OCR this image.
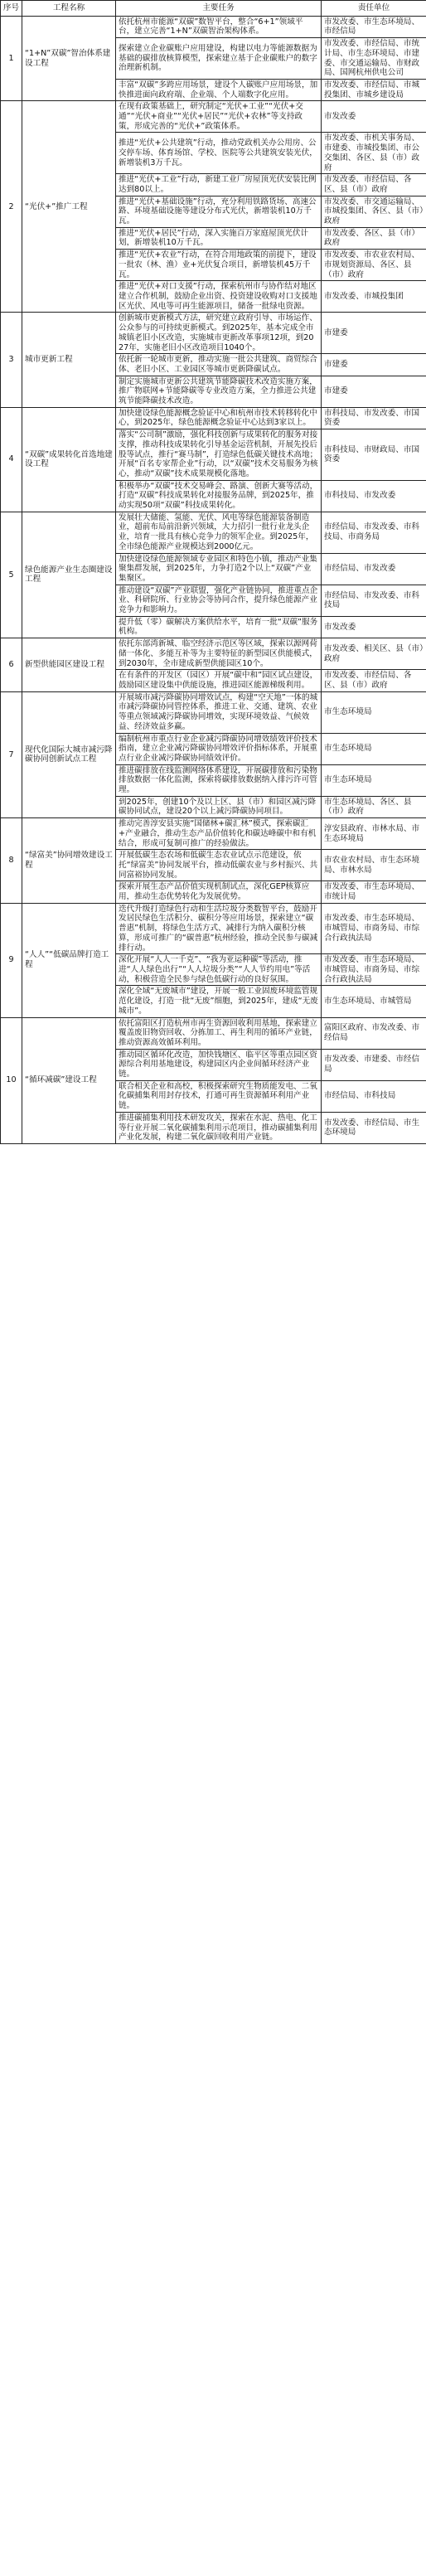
序号	工程名称	主要任务	责任单位
1	“1+N”双碳”智治体系建设工程	依托杭州市能源“双碳”数智平台，整合“6+1”领域平台，建立完善“1+N”双碳智治架构体系。	市发改委、市生态环境局、市经信局
		探索建立企业碳账户应用建设，构建以电力等能源数据为基础的碳排放核算模型，探索建立基于企业碳账户的数字治理新机制。	市发改委、市经信局、市统计局、市生态环境局、市建委、市交通运输局、市财政局、国网杭州供电公司
		丰富“双碳”多跨应用场景，建设个人碳账户应用场景，加快推进面向政府端、企业端、个人端数字化应用。	市发改委、市经信局、市城投集团、市城乡建设局
2	“光伏+”推广工程	在现有政策基础上，研究制定“光伏+工业”“光伏+交通”“光伏+商业”“光伏+居民”“光伏+农林”等支持政策，形成完善的“光伏+”政策体系。	市发改委
		推进“光伏+公共建筑”行动，推动党政机关办公用房、公交停车场、体育场馆、学校、医院等公共建筑安装光伏，新增装机3万千瓦。	市发改委、市机关事务局、市建委、市城投集团、市公交集团、各区、县（市）政府
		推进“光伏+工业”行动，新建工业厂房屋顶光伏安装比例达到80以上。	市发改委、市经信局、各区、县（市）政府
		推进“光伏+基础设施”行动，充分利用铁路货场、高速公路、环境基础设施等建设分布式光伏，新增装机10万千瓦。	市发改委、市交通运输局、市城投集团、各区、县（市）政府
		推进“光伏+居民”行动，深入实施百万家庭屋顶光伏计划，新增装机10万千瓦。	市发改委、各区、县（市）政府
		推进“光伏+农业”行动，在符合用地政策的前提下，建设一批农（林、渔）业+光伏复合项目，新增装机45万千瓦。	市发改委、市农业农村局、市规划资源局、各区、县（市）政府
		推进“光伏+对口支援”行动，探索杭州市与协作结对地区建立合作机制，鼓励企业出资、投资建设收购对口支援地区光伏、风电等可再生能源项目，储备一批绿电资源。	市发改委、市城投集团
3	城市更新工程	创新城市更新模式方法，研究建立政府引导、市场运作、公众参与的可持续更新模式。到2025年，基本完成全市城镇老旧小区改造，实施城市更新改革事项12项，到2027年，实施老旧小区改造项目1040个。	市建委
		依托新一轮城市更新，推动实施一批公共建筑、商贸综合体、老旧小区、工业园区等城市更新降碳试点。	市建委
		制定实施城市更新公共建筑节能降碳技术改造实施方案，推广物联网+节能降碳等专业改造方案，全力推进公共建筑节能降碳技术改造。	市建委
4	“双碳”成果转化首选地建设工程	加快建设绿色能源概念验证中心和杭州市技术转移转化中心，到2025年，绿色能源概念验证中心达到3家以上。	市科技局、市发改委、市国资委
		落实“公司制”激励，强化科技创新与成果转化的服务对接支撑，推动科技成果转化引导基金运营机制，开展先投后股等试点，推行“赛马制”，打造绿色低碳关键技术高地；开展“百名专家帮企业”行动，以“双碳”技术交易服务为核心，推动“双碳”技术成果规模化落地。	市科技局、市财政局、市国资委
		积极举办“双碳”技术交易峰会、路演、创新大赛等活动，打造“双碳”科技成果转化对接服务品牌，到2025年，推动实现50项“双碳”科技成果转化。	市科技局、市发改委
5	绿色能源产业生态圈建设工程	发展壮大储能、氢能、光伏、风电等绿色能源装备制造业，超前布局前沿新兴领域，大力招引一批行业龙头企业，培育一批具有核心竞争力的领军企业。到2025年，全市绿色能源产业规模达到2000亿元。	市经信局、市发改委、市科技局、市商务局
		加快建设绿色能源领域专业园区和特色小镇，推动产业集聚集群发展，到2025年，力争打造2个以上“双碳”产业集聚区。	市经信局、市发改委
		推动建设“双碳”产业联盟，强化产业链协同，推进重点企业、科研院所、行业协会等协同合作，提升绿色能源产业竞争力和影响力。	市经信局、市发改委、市科技局
		提升低（零）碳解决方案供给水平，培育一批“双碳”服务机构。	市发改委
6	新型供能园区建设工程	依托东部湾新城、临空经济示范区等区域，探索以源网荷储一体化、多能互补等为主要特征的新型园区供能模式，到2030年，全市建成新型供能园区10个。	市发改委、相关区、县（市）政府
		在有条件的开发区（园区）开展“碳中和”园区试点建设，鼓励园区建设集中供能设施，推进园区能源梯级利用。	市发改委、市经信局、各区、县（市）政府
7	现代化国际大城市减污降碳协同创新试点工程	开展城市减污降碳协同增效试点，构建“空天地”一体的城市减污降碳协同管控体系，推进工业、交通、建筑、农业等重点领域减污降碳协同增效，实现环境效益、气候效益、经济效益多赢。	市生态环境局
		编制杭州市重点行业企业减污降碳协同增效绩效评价技术指南，建立企业减污降碳协同增效评价指标体系，开展重点行业企业减污降碳协同绩效评价。	市生态环境局
		推进碳排放在线监测网络体系建设，开展碳排放和污染物排放数据一体化监测，探索将碳排放数据纳入排污许可管理。	市生态环境局
		到2025年，创建10个及以上区、县（市）和园区减污降碳协同试点，建设20个以上减污降碳协同项目。	市生态环境局、各区、县（市）政府
8	“绿富美”协同增效建设工程	推动完善淳安县实施“国储林+碳汇林”模式，探索碳汇+产业融合，推动生态产品价值转化和碳达峰碳中和有机结合，形成可复制可推广的经验做法。	淳安县政府、市林水局、市生态环境局
		开展低碳生态农场和低碳生态农业试点示范建设，依托“绿富美”协同发展平台，推动低碳农业与乡村振兴、共同富裕协同发展。	市农业农村局、市生态环境局、市林水局
		探索开展生态产品价值实现机制试点，深化GEP核算应用，推动生态优势转化为发展优势。	市发改委、市生态环境局、市统计局
9	“人人”“低碳品牌打造工程	迭代升级打造绿色行动和生活垃圾分类数智平台，鼓励开发居民绿色生活积分、碳积分等应用场景，探索建立“碳普惠”机制，将绿色生活方式、减排行为纳入碳积分核算，形成可推广的“碳普惠”杭州经验，推动全民参与碳减排行动。	市发改委、市生态环境局、市城管局、市商务局、市综合行政执法局
		深化开展“人人一千克”、“我为亚运种碳”等活动，推进“人人绿色出行”“人人垃圾分类”“人人节约用电”等活动，积极营造全民参与绿色低碳行动的良好氛围。	市发改委、市生态环境局、市城管局、市商务局、市综合行政执法局
		深化全域“无废城市”建设，开展一般工业固废环境监管规范化建设，打造一批“无废”细胞，到2025年，建成“无废城市”。	市生态环境局、市城管局
10	“循环减碳”建设工程	依托富阳区打造杭州市再生资源回收利用基地，探索建立覆盖废旧物资回收、分拣加工、再生利用的循环产业链，推动资源高效循环利用。	富阳区政府、市发改委、市经信局
		推动园区循环化改造，加快钱塘区、临平区等重点园区资源综合利用基地建设，构建园区内企业间循环经济产业链。	市发改委、市建委、市经信局
		联合相关企业和高校，积极探索研究生物质能发电、二氧化碳捕集利用封存技术，打通可再生资源循环利用产业链。	市经信局、市科技局
		推进碳捕集利用技术研发攻关，探索在水泥、热电、化工等行业开展二氧化碳捕集利用示范项目，推动碳捕集利用产业化发展，构建二氧化碳回收利用产业链。	市发改委、市经信局、市生态环境局
